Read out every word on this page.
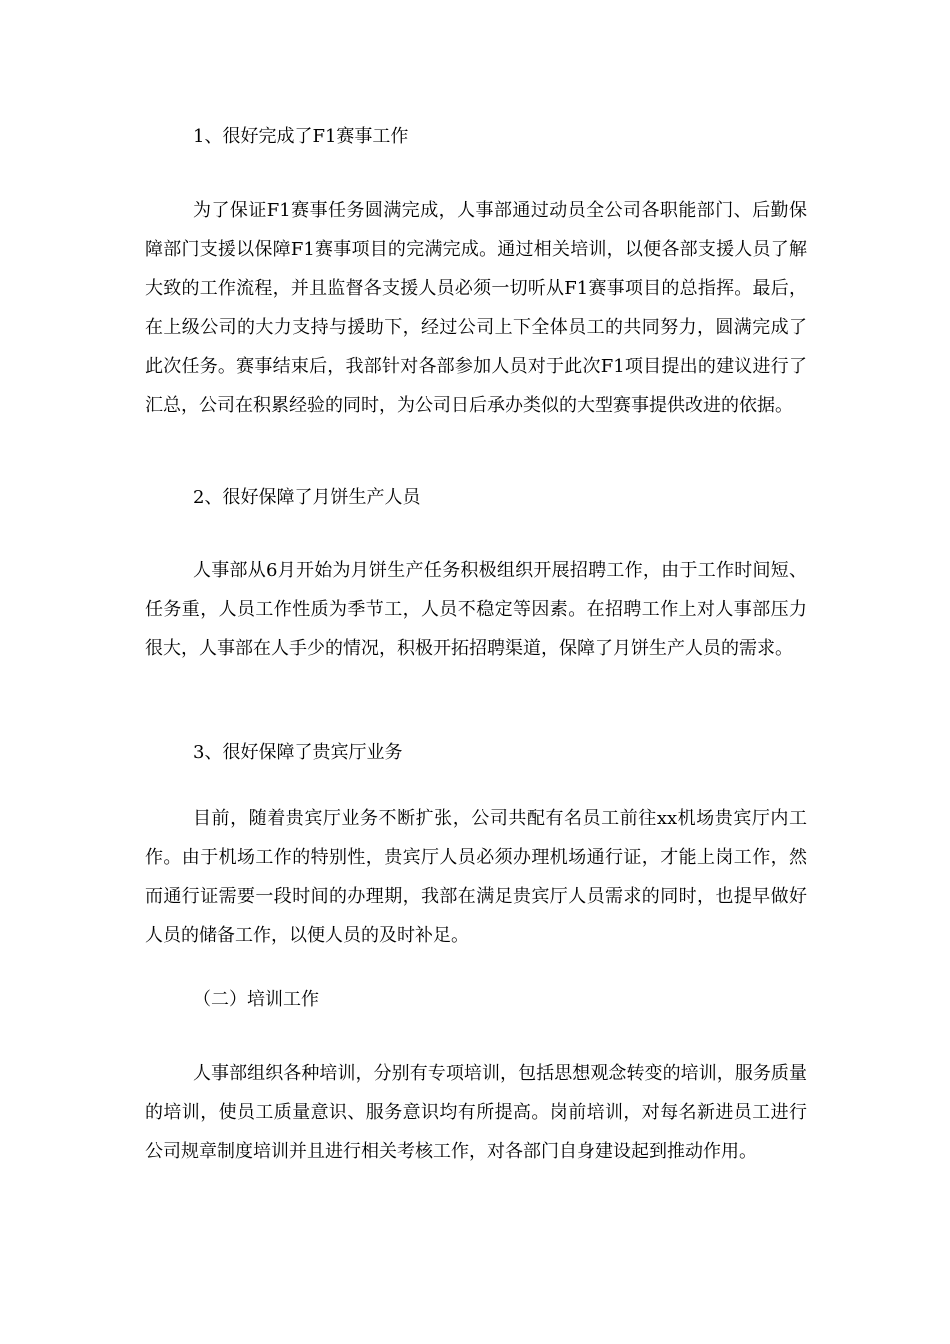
1、很好完成了F1赛事工作

为了保证F1赛事任务圆满完成，人事部通过动员全公司各职能部门、后勤保障部门支援以保障F1赛事项目的完满完成。通过相关培训，以便各部支援人员了解大致的工作流程，并且监督各支援人员必须一切听从F1赛事项目的总指挥。最后，在上级公司的大力支持与援助下，经过公司上下全体员工的共同努力，圆满完成了此次任务。赛事结束后，我部针对各部参加人员对于此次F1项目提出的建议进行了汇总，公司在积累经验的同时，为公司日后承办类似的大型赛事提供改进的依据。

2、很好保障了月饼生产人员

人事部从6月开始为月饼生产任务积极组织开展招聘工作，由于工作时间短、任务重，人员工作性质为季节工，人员不稳定等因素。在招聘工作上对人事部压力很大，人事部在人手少的情况，积极开拓招聘渠道，保障了月饼生产人员的需求。

3、很好保障了贵宾厅业务

目前，随着贵宾厅业务不断扩张，公司共配有名员工前往xx机场贵宾厅内工作。由于机场工作的特别性，贵宾厅人员必须办理机场通行证，才能上岗工作，然而通行证需要一段时间的办理期，我部在满足贵宾厅人员需求的同时，也提早做好人员的储备工作，以便人员的及时补足。

（二）培训工作

人事部组织各种培训，分别有专项培训，包括思想观念转变的培训，服务质量的培训，使员工质量意识、服务意识均有所提高。岗前培训，对每名新进员工进行公司规章制度培训并且进行相关考核工作，对各部门自身建设起到推动作用。
